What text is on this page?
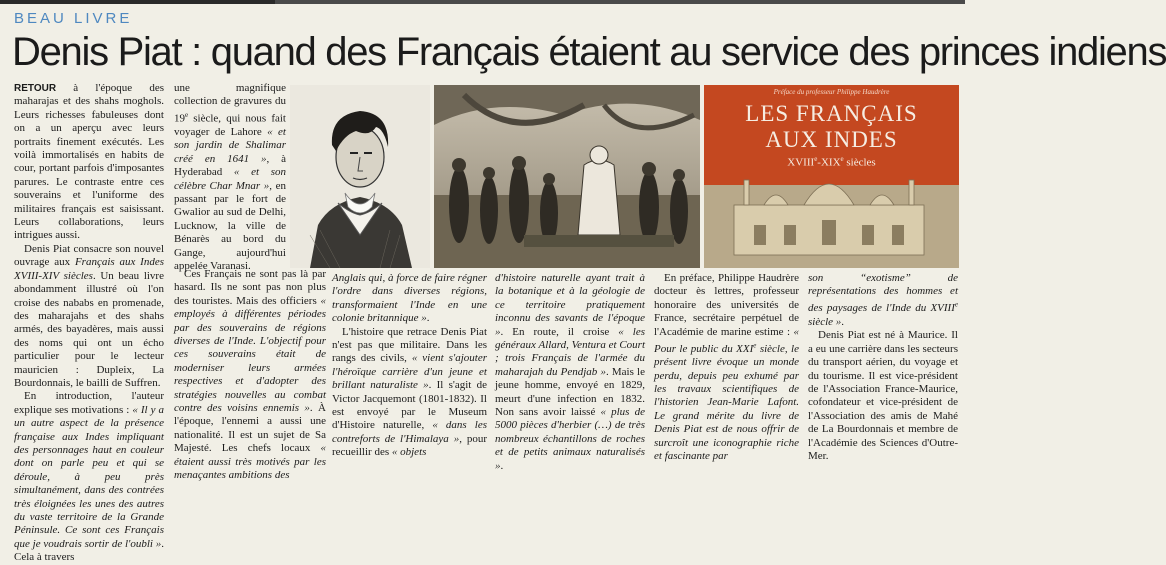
BEAU LIVRE
Denis Piat : quand des Français étaient au service des princes indiens

RETOUR à l'époque des maharajas et des shahs moghols. Leurs richesses fabuleuses dont on a un aperçu avec leurs portraits finement exécutés. Les voilà immortalisés en habits de cour, portant parfois d'imposantes parures. Le contraste entre ces souverains et l'uniforme des militaires français est saisissant. Leurs collaborations, leurs intrigues aussi.

Denis Piat consacre son nouvel ouvrage aux Français aux Indes XVIII-XIV siècles. Un beau livre abondamment illustré où l'on croise des nababs en promenade, des maharajahs et des shahs armés, des bayadères, mais aussi des noms qui ont un écho particulier pour le lecteur mauricien : Dupleix, La Bourdonnais, le bailli de Suffren.

En introduction, l'auteur explique ses motivations : « Il y a un autre aspect de la présence française aux Indes impliquant des personnages haut en couleur dont on parle peu et qui se déroule, à peu près simultanément, dans des contrées très éloignées les unes des autres du vaste territoire de la Grande Péninsule. Ce sont ces Français que je voudrais sortir de l'oubli ». Cela à travers

une magnifique collection de gravures du 19e siècle, qui nous fait voyager de Lahore « et son jardin de Shalimar créé en 1641 », à Hyderabad « et son célèbre Char Mnar », en passant par le fort de Gwalior au sud de Delhi, Lucknow, la ville de Bénarès au bord du Gange, aujourd'hui appelée Varanasi.

Ces Français ne sont pas là par hasard. Ils ne sont pas non plus des touristes. Mais des officiers « employés à différentes périodes par des souverains de régions diverses de l'Inde. L'objectif pour ces souverains était de moderniser leurs armées respectives et d'adopter des stratégies nouvelles au combat contre des voisins ennemis ». À l'époque, l'ennemi a aussi une nationalité. Il est un sujet de Sa Majesté. Les chefs locaux « étaient aussi très motivés par les menaçantes ambitions des

Préface du professeur Philippe Haudrère
LES FRANÇAIS
AUX INDES
XVIIIe-XIXe siècles

Anglais qui, à force de faire régner l'ordre dans diverses régions, transformaient l'Inde en une colonie britannique ».

L'histoire que retrace Denis Piat n'est pas que militaire. Dans les rangs des civils, « vient s'ajouter l'héroïque carrière d'un jeune et brillant naturaliste ». Il s'agit de Victor Jacquemont (1801-1832). Il est envoyé par le Museum d'Histoire naturelle, « dans les contreforts de l'Himalaya », pour recueillir des « objets

d'histoire naturelle ayant trait à la botanique et à la géologie de ce territoire pratiquement inconnu des savants de l'époque ». En route, il croise « les généraux Allard, Ventura et Court ; trois Français de l'armée du maharajah du Pendjab ». Mais le jeune homme, envoyé en 1829, meurt d'une infection en 1832. Non sans avoir laissé « plus de 5000 pièces d'herbier (…) de très nombreux échantillons de roches et de petits animaux naturalisés ».

En préface, Philippe Haudrère docteur ès lettres, professeur honoraire des universités de France, secrétaire perpétuel de l'Académie de marine estime : « Pour le public du XXIe siècle, le présent livre évoque un monde perdu, depuis peu exhumé par les travaux scientifiques de l'historien Jean-Marie Lafont. Le grand mérite du livre de Denis Piat est de nous offrir de surcroît une iconographie riche et fascinante par

son “exotisme” de représentations des hommes et des paysages de l'Inde du XVIIIe siècle ».

Denis Piat est né à Maurice. Il a eu une carrière dans les secteurs du transport aérien, du voyage et du tourisme. Il est vice-président de l'Association France-Maurice, cofondateur et vice-président de l'Association des amis de Mahé de La Bourdonnais et membre de l'Académie des Sciences d'Outre-Mer.
